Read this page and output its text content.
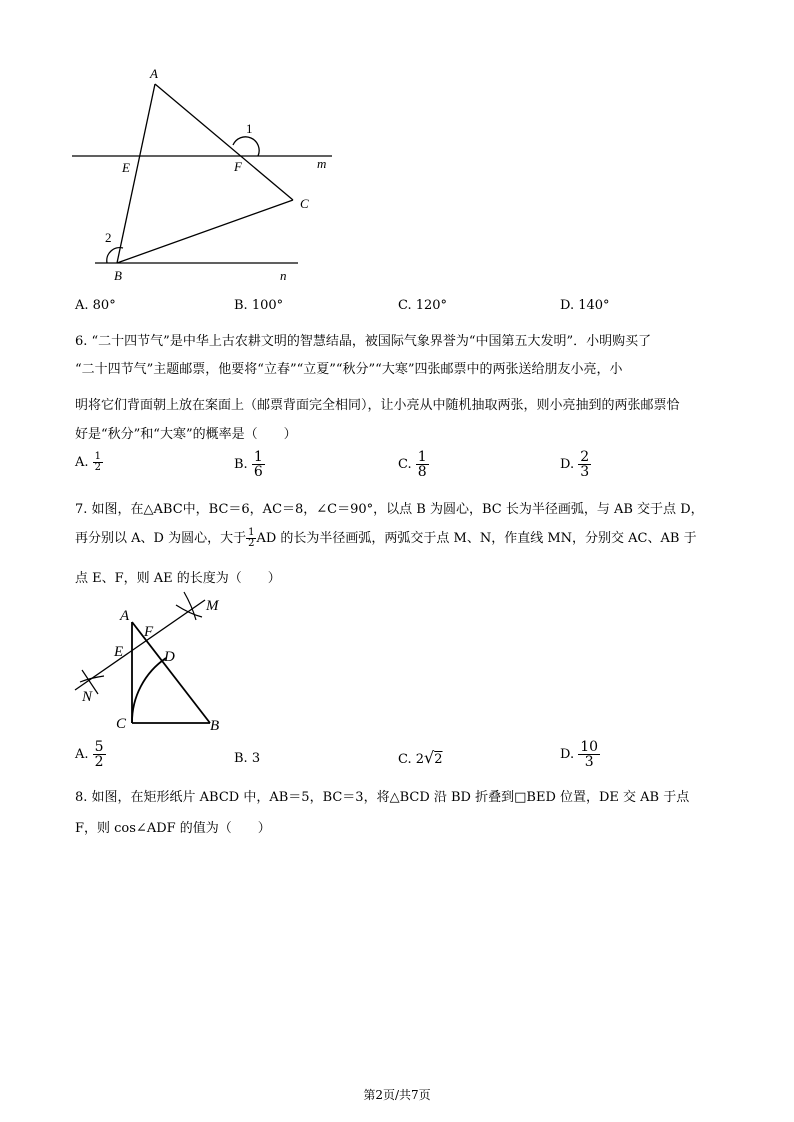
A
E	F	m
C
B	n
1
2
A. 80°	B. 100°	C. 120°	D. 140°
6. “二十四节气”是中华上古农耕文明的智慧结晶，被国际气象界誉为“中国第五大发明”．小明购买了
“二十四节气”主题邮票，他要将“立春”“立夏”“秋分”“大寒”四张邮票中的两张送给朋友小亮，小
明将它们背面朝上放在案面上（邮票背面完全相同），让小亮从中随机抽取两张，则小亮抽到的两张邮票恰
好是“秋分”和“大寒”的概率是（　　）
A. $\frac{1}{2}$	B. $\frac{1}{6}$	C. $\frac{1}{8}$	D. $\frac{2}{3}$
7. 如图，在△ABC中，BC＝6，AC＝8，∠C＝90°，以点 B 为圆心，BC 长为半径画弧，与 AB 交于点 D，
再分别以 A、D 为圆心，大于 $\frac{1}{2}$ AD 的长为半径画弧，两弧交于点 M、N，作直线 MN，分别交 AC、AB 于
点 E、F，则 AE 的长度为（　　）
A
F
M
E	D
N
C	B
A. $\frac{5}{2}$	B. 3	C. 2√2	D. $\frac{10}{3}$
8. 如图，在矩形纸片 ABCD 中，AB＝5，BC＝3，将△BCD 沿 BD 折叠到□BED 位置，DE 交 AB 于点
F，则 cos∠ADF 的值为（　　）
第2页/共7页
